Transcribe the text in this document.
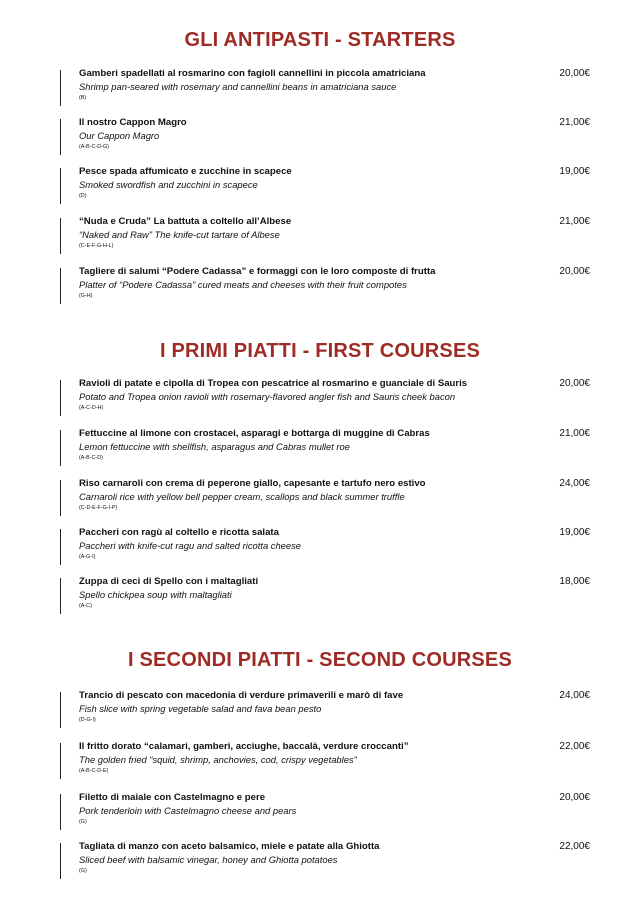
GLI ANTIPASTI - STARTERS
Gamberi spadellati al rosmarino con fagioli cannellini in piccola amatriciana
Shrimp pan-seared with rosemary and cannellini beans in amatriciana sauce
(B)
20,00€
Il nostro Cappon Magro
Our Cappon Magro
(A-B-C-D-G)
21,00€
Pesce spada affumicato e zucchine in scapece
Smoked swordfish and zucchini in scapece
(D)
19,00€
“Nuda e Cruda” La battuta a coltello all’Albese
“Naked and Raw” The knife-cut tartare of Albese
(C-E-F-G-H-L)
21,00€
Tagliere di salumi “Podere Cadassa” e formaggi con le loro composte di frutta
Platter of “Podere Cadassa” cured meats and cheeses with their fruit compotes
(G-H)
20,00€
I PRIMI PIATTI - FIRST COURSES
Ravioli di patate e cipolla di Tropea con pescatrice al rosmarino e guanciale di Sauris
Potato and Tropea onion ravioli with rosemary-flavored angler fish and Sauris cheek bacon
(A-C-D-H)
20,00€
Fettuccine al limone con crostacei, asparagi e bottarga di muggine di Cabras
Lemon fettuccine with shellfish, asparagus and Cabras mullet roe
(A-B-C-D)
21,00€
Riso carnaroli con crema di peperone giallo, capesante e tartufo nero estivo
Carnaroli rice with yellow bell pepper cream, scallops and black summer truffle
(C-D-E-F-G-I-P)
24,00€
Paccheri con ragù al coltello e ricotta salata
Paccheri with knife-cut ragu and salted ricotta cheese
(A-G-I)
19,00€
Zuppa di ceci di Spello con i maltagliati
Spello chickpea soup with maltagliati
(A-C)
18,00€
I SECONDI PIATTI - SECOND COURSES
Trancio di pescato con macedonia di verdure primaverili e marò di fave
Fish slice with spring vegetable salad and fava bean pesto
(D-G-I)
24,00€
Il fritto dorato “calamari, gamberi, acciughe, baccalà, verdure croccanti”
The golden fried “squid, shrimp, anchovies, cod, crispy vegetables”
(A-B-C-D-E)
22,00€
Filetto di maiale con Castelmagno e pere
Pork tenderloin with Castelmagno cheese and pears
(G)
20,00€
Tagliata di manzo con aceto balsamico, miele e patate alla Ghiotta
Sliced beef with balsamic vinegar, honey and Ghiotta potatoes
(G)
22,00€
